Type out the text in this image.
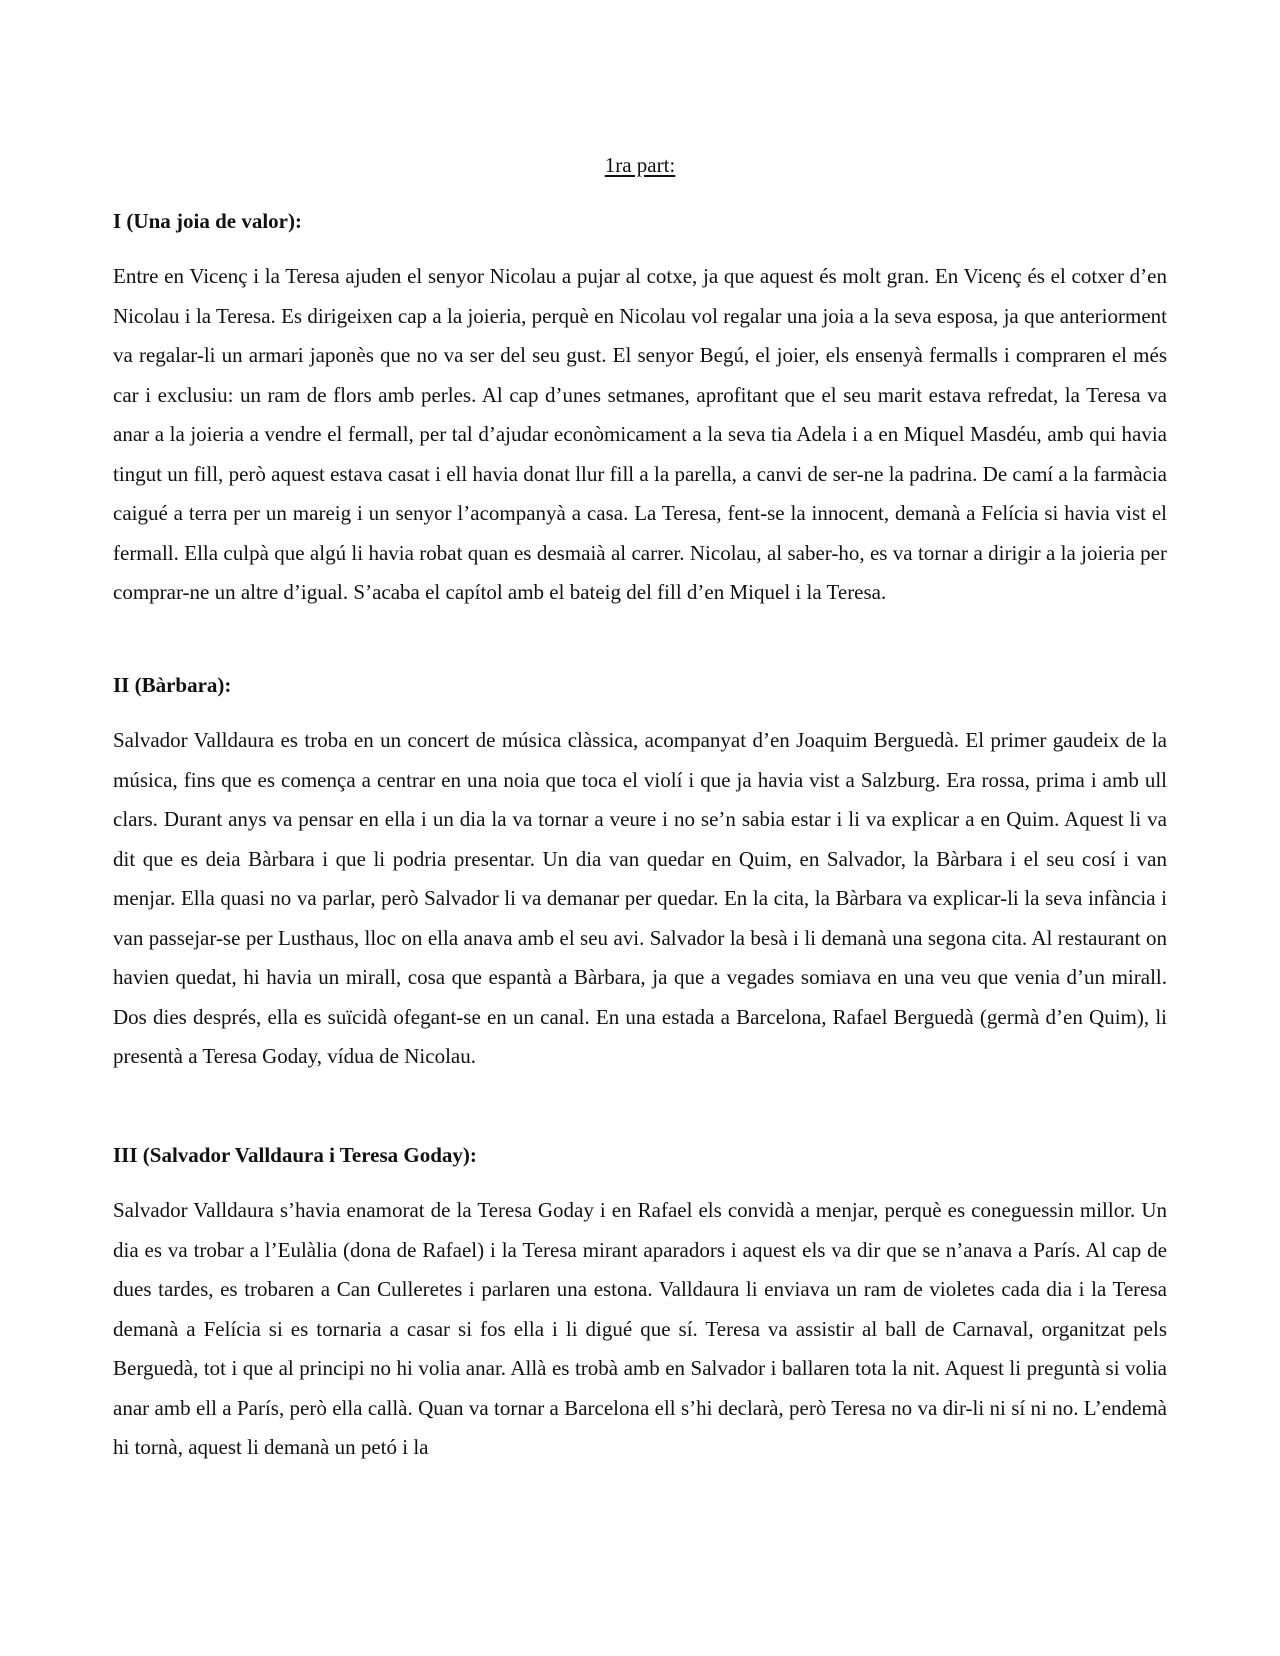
1ra part:

I (Una joia de valor):

Entre en Vicenç i la Teresa ajuden el senyor Nicolau a pujar al cotxe, ja que aquest és molt gran. En Vicenç és el cotxer d’en Nicolau i la Teresa. Es dirigeixen cap a la joieria, perquè en Nicolau vol regalar una joia a la seva esposa, ja que anteriorment va regalar-li un armari japonès que no va ser del seu gust. El senyor Begú, el joier, els ensenyà fermalls i compraren el més car i exclusiu: un ram de flors amb perles. Al cap d’unes setmanes, aprofitant que el seu marit estava refredat, la Teresa va anar a la joieria a vendre el fermall, per tal d’ajudar econòmicament a la seva tia Adela i a en Miquel Masdéu, amb qui havia tingut un fill, però aquest estava casat i ell havia donat llur fill a la parella, a canvi de ser-ne la padrina. De camí a la farmàcia caigué a terra per un mareig i un senyor l’acompanyà a casa. La Teresa, fent-se la innocent, demanà a Felícia si havia vist el fermall. Ella culpà que algú li havia robat quan es desmaià al carrer. Nicolau, al saber-ho, es va tornar a dirigir a la joieria per comprar-ne un altre d’igual. S’acaba el capítol amb el bateig del fill d’en Miquel i la Teresa.

II (Bàrbara):

Salvador Valldaura es troba en un concert de música clàssica, acompanyat d’en Joaquim Berguedà. El primer gaudeix de la música, fins que es comença a centrar en una noia que toca el violí i que ja havia vist a Salzburg. Era rossa, prima i amb ull clars. Durant anys va pensar en ella i un dia la va tornar a veure i no se’n sabia estar i li va explicar a en Quim. Aquest li va dit que es deia Bàrbara i que li podria presentar. Un dia van quedar en Quim, en Salvador, la Bàrbara i el seu cosí i van menjar. Ella quasi no va parlar, però Salvador li va demanar per quedar. En la cita, la Bàrbara va explicar-li la seva infància i van passejar-se per Lusthaus, lloc on ella anava amb el seu avi. Salvador la besà i li demanà una segona cita. Al restaurant on havien quedat, hi havia un mirall, cosa que espantà a Bàrbara, ja que a vegades somiava en una veu que venia d’un mirall. Dos dies després, ella es suïcidà ofegant-se en un canal. En una estada a Barcelona, Rafael Berguedà (germà d’en Quim), li presentà a Teresa Goday, vídua de Nicolau.

III (Salvador Valldaura i Teresa Goday):

Salvador Valldaura s’havia enamorat de la Teresa Goday i en Rafael els convidà a menjar, perquè es coneguessin millor. Un dia es va trobar a l’Eulàlia (dona de Rafael) i la Teresa mirant aparadors i aquest els va dir que se n’anava a París. Al cap de dues tardes, es trobaren a Can Culleretes i parlaren una estona. Valldaura li enviava un ram de violetes cada dia i la Teresa demanà a Felícia si es tornaria a casar si fos ella i li digué que sí. Teresa va assistir al ball de Carnaval, organitzat pels Berguedà, tot i que al principi no hi volia anar. Allà es trobà amb en Salvador i ballaren tota la nit. Aquest li preguntà si volia anar amb ell a París, però ella callà. Quan va tornar a Barcelona ell s’hi declarà, però Teresa no va dir-li ni sí ni no. L’endemà hi tornà, aquest li demanà un petó i la
